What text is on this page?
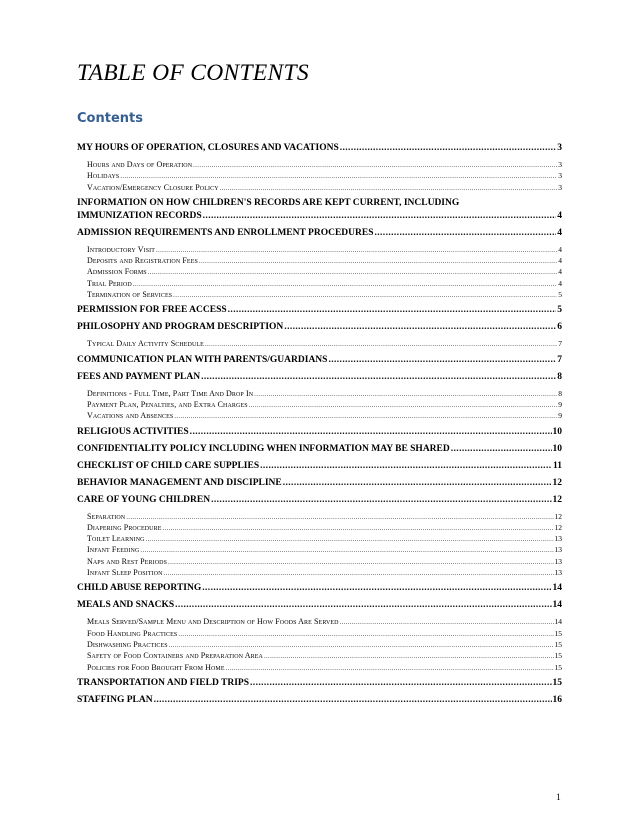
TABLE OF CONTENTS
Contents
MY HOURS OF OPERATION, CLOSURES AND VACATIONS .....	3
Hours and Days of Operation .....	3
Holidays .....	3
Vacation/Emergency Closure Policy .....	3
INFORMATION ON HOW CHILDREN'S RECORDS ARE KEPT CURRENT, INCLUDING
IMMUNIZATION RECORDS .....	4
ADMISSION REQUIREMENTS AND ENROLLMENT PROCEDURES .....	4
Introductory Visit .....	4
Deposits and Registration Fees .....	4
Admission Forms .....	4
Trial Period .....	4
Termination of Services .....	5
PERMISSION FOR FREE ACCESS .....	5
PHILOSOPHY AND PROGRAM DESCRIPTION .....	6
Typical Daily Activity Schedule .....	7
COMMUNICATION PLAN WITH PARENTS/GUARDIANS .....	7
FEES AND PAYMENT PLAN .....	8
Definitions - Full Time, Part Time And Drop In .....	8
Payment Plan, Penalties, and Extra Charges .....	9
Vacations and Absences .....	9
RELIGIOUS ACTIVITIES .....	10
CONFIDENTIALITY POLICY INCLUDING WHEN INFORMATION MAY BE SHARED .....	10
CHECKLIST OF CHILD CARE SUPPLIES .....	11
BEHAVIOR MANAGEMENT AND DISCIPLINE .....	12
CARE OF YOUNG CHILDREN .....	12
Separation .....	12
Diapering Procedure .....	12
Toilet Learning .....	13
Infant Feeding .....	13
Naps and Rest Periods .....	13
Infant Sleep Position .....	13
CHILD ABUSE REPORTING .....	14
MEALS AND SNACKS .....	14
Meals Served/Sample Menu and Description of How Foods Are Served .....	14
Food Handling Practices .....	15
Dishwashing Practices .....	15
Safety of Food Containers and Preparation Area .....	15
Policies for Food Brought From Home .....	15
TRANSPORTATION AND FIELD TRIPS .....	15
STAFFING PLAN .....	16
1
